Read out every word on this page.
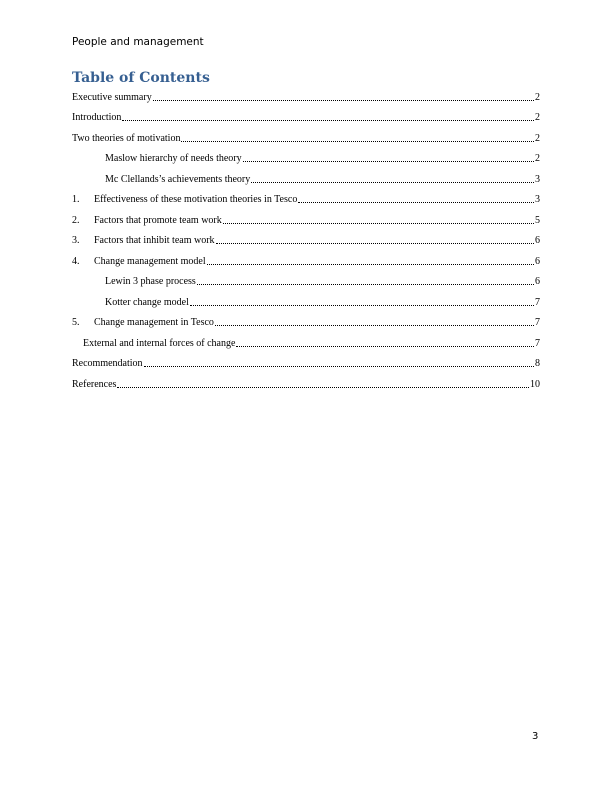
People and management
Table of Contents
Executive summary	2
Introduction	2
Two theories of motivation	2
Maslow hierarchy of needs theory	2
Mc Clellands’s achievements theory	3
1.	Effectiveness of these motivation theories in Tesco	3
2.	Factors that promote team work	5
3.	Factors that inhibit team work	6
4.	Change management model	6
Lewin 3 phase process	6
Kotter change model	7
5.	Change management in Tesco	7
External and internal forces of change	7
Recommendation	8
References	10
3
